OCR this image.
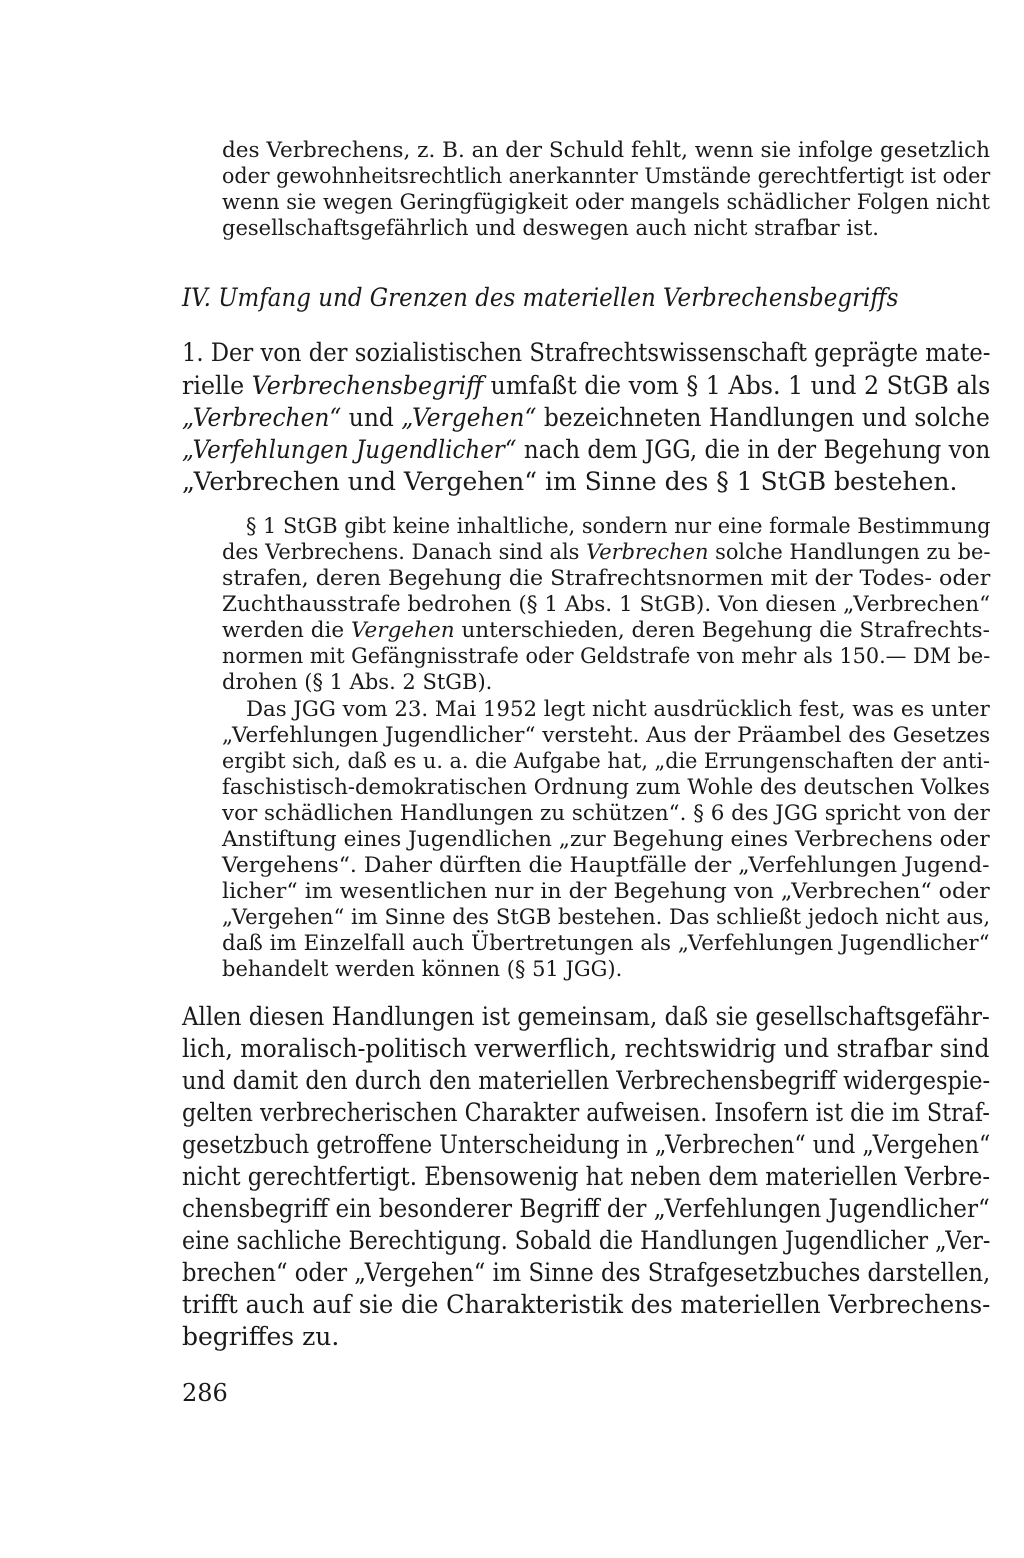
des Verbrechens, z. B. an der Schuld fehlt, wenn sie infolge gesetzlich
oder gewohnheitsrechtlich anerkannter Umstände gerechtfertigt ist oder
wenn sie wegen Geringfügigkeit oder mangels schädlicher Folgen nicht
gesellschaftsgefährlich und deswegen auch nicht strafbar ist.
IV. Umfang und Grenzen des materiellen Verbrechensbegriffs
1. Der von der sozialistischen Strafrechtswissenschaft geprägte mate-
rielle Verbrechensbegriff umfaßt die vom § 1 Abs. 1 und 2 StGB als
„Verbrechen“ und „Vergehen“ bezeichneten Handlungen und solche
„Verfehlungen Jugendlicher“ nach dem JGG, die in der Begehung von
„Verbrechen und Vergehen“ im Sinne des § 1 StGB bestehen.
§ 1 StGB gibt keine inhaltliche, sondern nur eine formale Bestimmung
des Verbrechens. Danach sind als Verbrechen solche Handlungen zu be-
strafen, deren Begehung die Strafrechtsnormen mit der Todes- oder
Zuchthausstrafe bedrohen (§ 1 Abs. 1 StGB). Von diesen „Verbrechen“
werden die Vergehen unterschieden, deren Begehung die Strafrechts-
normen mit Gefängnisstrafe oder Geldstrafe von mehr als 150.— DM be-
drohen (§ 1 Abs. 2 StGB).
Das JGG vom 23. Mai 1952 legt nicht ausdrücklich fest, was es unter
„Verfehlungen Jugendlicher“ versteht. Aus der Präambel des Gesetzes
ergibt sich, daß es u. a. die Aufgabe hat, „die Errungenschaften der anti-
faschistisch-demokratischen Ordnung zum Wohle des deutschen Volkes
vor schädlichen Handlungen zu schützen“. § 6 des JGG spricht von der
Anstiftung eines Jugendlichen „zur Begehung eines Verbrechens oder
Vergehens“. Daher dürften die Hauptfälle der „Verfehlungen Jugend-
licher“ im wesentlichen nur in der Begehung von „Verbrechen“ oder
„Vergehen“ im Sinne des StGB bestehen. Das schließt jedoch nicht aus,
daß im Einzelfall auch Übertretungen als „Verfehlungen Jugendlicher“
behandelt werden können (§ 51 JGG).
Allen diesen Handlungen ist gemeinsam, daß sie gesellschaftsgefähr-
lich, moralisch-politisch verwerflich, rechtswidrig und strafbar sind
und damit den durch den materiellen Verbrechensbegriff widergespie-
gelten verbrecherischen Charakter aufweisen. Insofern ist die im Straf-
gesetzbuch getroffene Unterscheidung in „Verbrechen“ und „Vergehen“
nicht gerechtfertigt. Ebensowenig hat neben dem materiellen Verbre-
chensbegriff ein besonderer Begriff der „Verfehlungen Jugendlicher“
eine sachliche Berechtigung. Sobald die Handlungen Jugendlicher „Ver-
brechen“ oder „Vergehen“ im Sinne des Strafgesetzbuches darstellen,
trifft auch auf sie die Charakteristik des materiellen Verbrechens-
begriffes zu.
286
